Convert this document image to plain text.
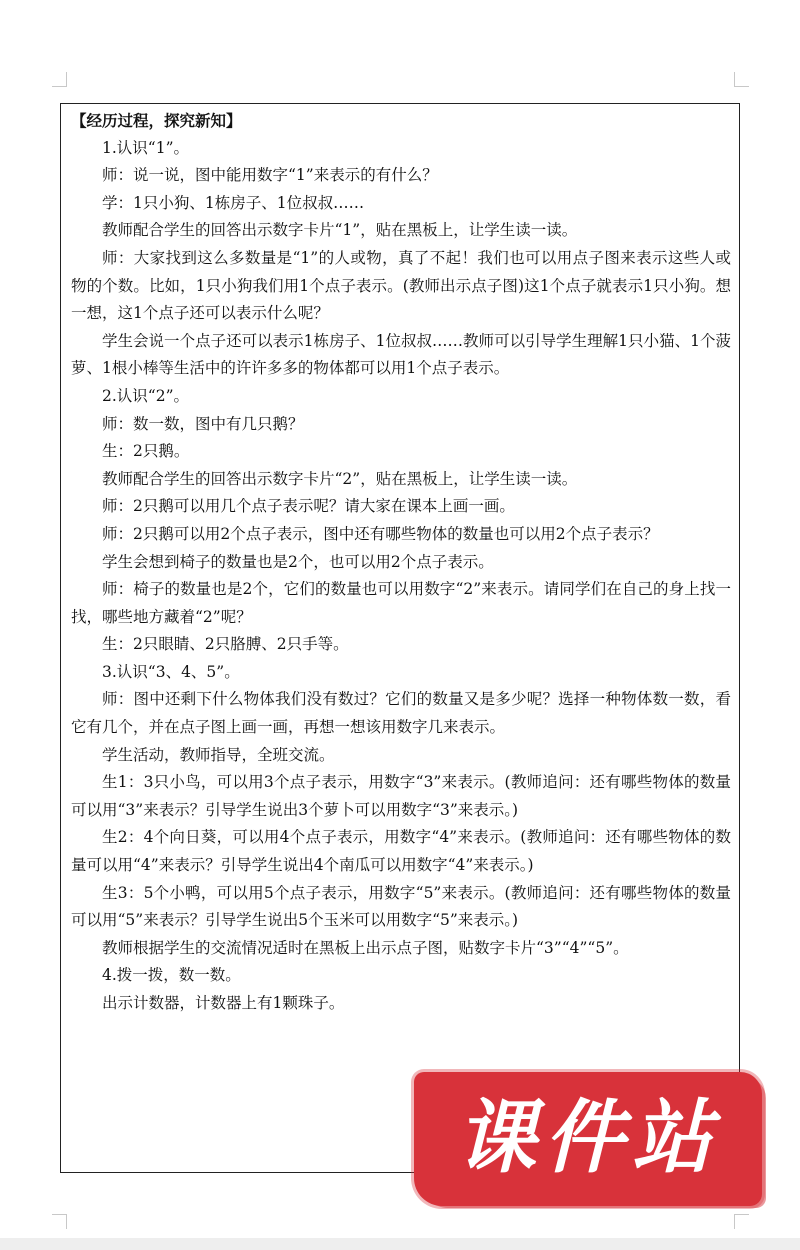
【经历过程，探究新知】

1.认识“1”。

师：说一说，图中能用数字“1”来表示的有什么？

学：1只小狗、1栋房子、1位叔叔……

教师配合学生的回答出示数字卡片“1”，贴在黑板上，让学生读一读。

师：大家找到这么多数量是“1”的人或物，真了不起！我们也可以用点子图来表示这些人或物的个数。比如，1只小狗我们用1个点子表示。(教师出示点子图)这1个点子就表示1只小狗。想一想，这1个点子还可以表示什么呢？

学生会说一个点子还可以表示1栋房子、1位叔叔……教师可以引导学生理解1只小猫、1个菠萝、1根小棒等生活中的许许多多的物体都可以用1个点子表示。

2.认识“2”。

师：数一数，图中有几只鹅？

生：2只鹅。

教师配合学生的回答出示数字卡片“2”，贴在黑板上，让学生读一读。

师：2只鹅可以用几个点子表示呢？请大家在课本上画一画。

师：2只鹅可以用2个点子表示，图中还有哪些物体的数量也可以用2个点子表示？

学生会想到椅子的数量也是2个，也可以用2个点子表示。

师：椅子的数量也是2个，它们的数量也可以用数字“2”来表示。请同学们在自己的身上找一找，哪些地方藏着“2”呢？

生：2只眼睛、2只胳膊、2只手等。

3.认识“3、4、5”。

师：图中还剩下什么物体我们没有数过？它们的数量又是多少呢？选择一种物体数一数，看它有几个，并在点子图上画一画，再想一想该用数字几来表示。

学生活动，教师指导，全班交流。

生1：3只小鸟，可以用3个点子表示，用数字“3”来表示。(教师追问：还有哪些物体的数量可以用“3”来表示？引导学生说出3个萝卜可以用数字“3”来表示。)

生2：4个向日葵，可以用4个点子表示，用数字“4”来表示。(教师追问：还有哪些物体的数量可以用“4”来表示？引导学生说出4个南瓜可以用数字“4”来表示。)

生3：5个小鸭，可以用5个点子表示，用数字“5”来表示。(教师追问：还有哪些物体的数量可以用“5”来表示？引导学生说出5个玉米可以用数字“5”来表示。)

教师根据学生的交流情况适时在黑板上出示点子图，贴数字卡片“3”“4”“5”。

4.拨一拨，数一数。

出示计数器，计数器上有1颗珠子。

课件站
